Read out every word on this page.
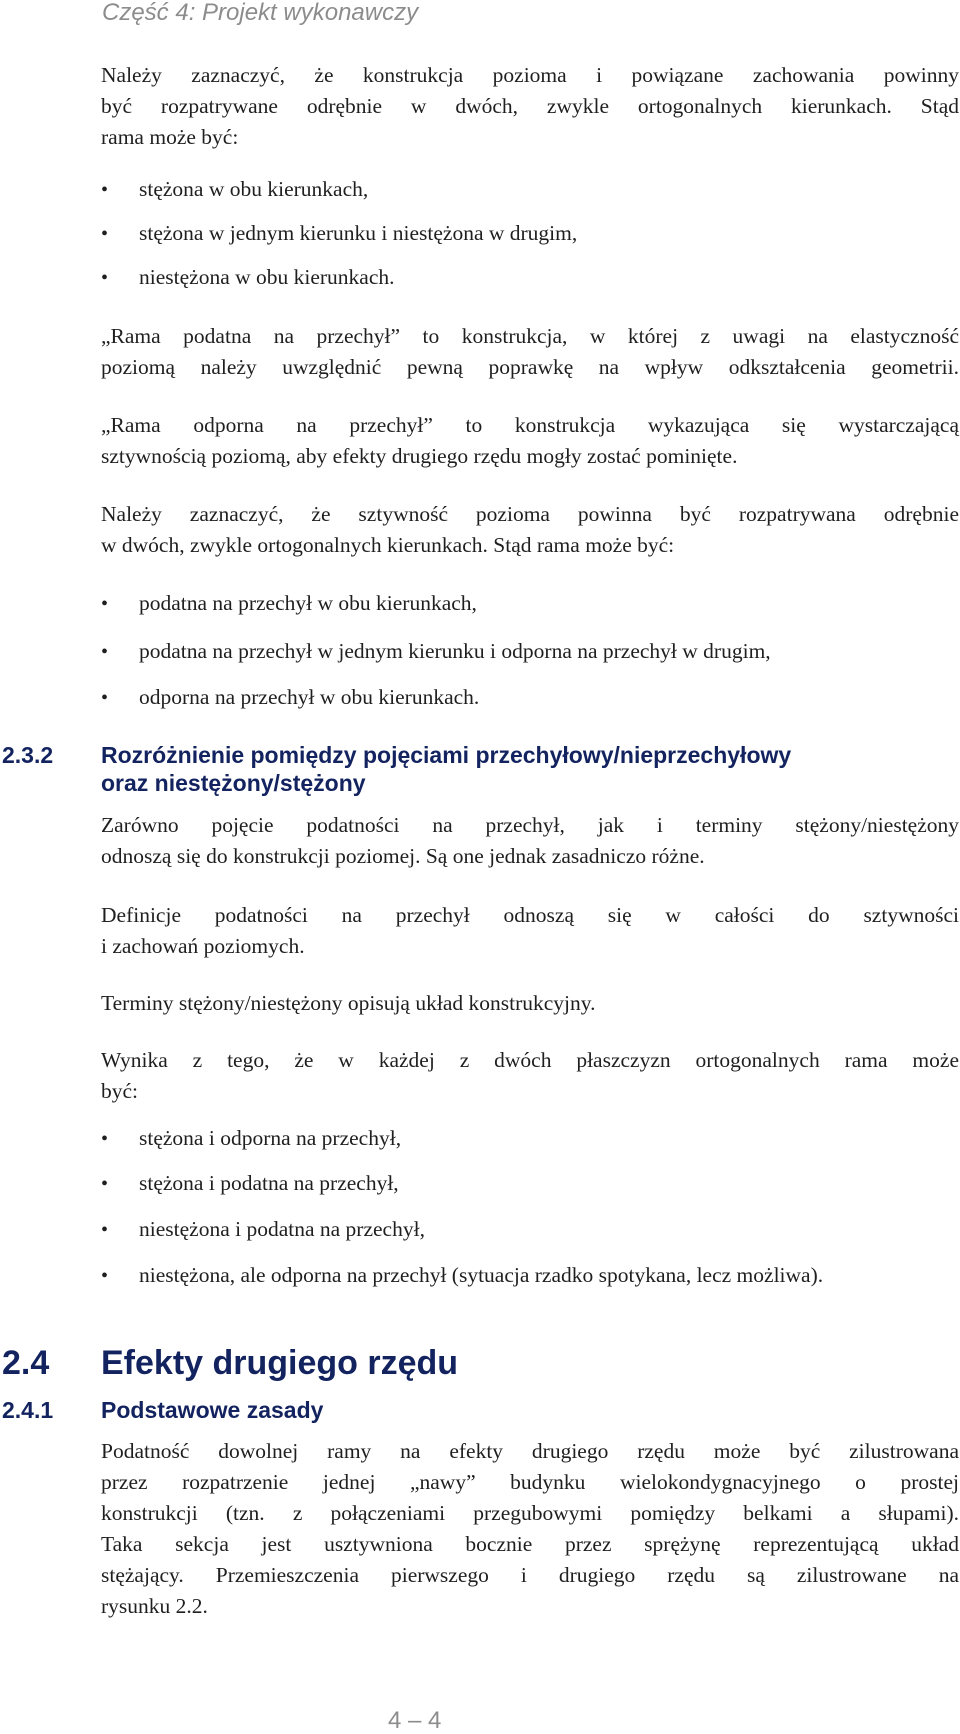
Część 4: Projekt wykonawczy
Należy zaznaczyć, że konstrukcja pozioma i powiązane zachowania powinny
być rozpatrywane odrębnie w dwóch, zwykle ortogonalnych kierunkach. Stąd
rama może być:
• stężona w obu kierunkach,
• stężona w jednym kierunku i niestężona w drugim,
• niestężona w obu kierunkach.
„Rama podatna na przechył” to konstrukcja, w której z uwagi na elastyczność
poziomą należy uwzględnić pewną poprawkę na wpływ odkształcenia geometrii.
„Rama odporna na przechył” to konstrukcja wykazująca się wystarczającą
sztywnością poziomą, aby efekty drugiego rzędu mogły zostać pominięte.
Należy zaznaczyć, że sztywność pozioma powinna być rozpatrywana odrębnie
w dwóch, zwykle ortogonalnych kierunkach. Stąd rama może być:
• podatna na przechył w obu kierunkach,
• podatna na przechył w jednym kierunku i odporna na przechył w drugim,
• odporna na przechył w obu kierunkach.
2.3.2 Rozróżnienie pomiędzy pojęciami przechyłowy/nieprzechyłowy
oraz niestężony/stężony
Zarówno pojęcie podatności na przechył, jak i terminy stężony/niestężony
odnoszą się do konstrukcji poziomej. Są one jednak zasadniczo różne.
Definicje podatności na przechył odnoszą się w całości do sztywności
i zachowań poziomych.
Terminy stężony/niestężony opisują układ konstrukcyjny.
Wynika z tego, że w każdej z dwóch płaszczyzn ortogonalnych rama może
być:
• stężona i odporna na przechył,
• stężona i podatna na przechył,
• niestężona i podatna na przechył,
• niestężona, ale odporna na przechył (sytuacja rzadko spotykana, lecz możliwa).
2.4 Efekty drugiego rzędu
2.4.1 Podstawowe zasady
Podatność dowolnej ramy na efekty drugiego rzędu może być zilustrowana
przez rozpatrzenie jednej „nawy” budynku wielokondygnacyjnego o prostej
konstrukcji (tzn. z połączeniami przegubowymi pomiędzy belkami a słupami).
Taka sekcja jest usztywniona bocznie przez sprężynę reprezentującą układ
stężający. Przemieszczenia pierwszego i drugiego rzędu są zilustrowane na
rysunku 2.2.
4 – 4
